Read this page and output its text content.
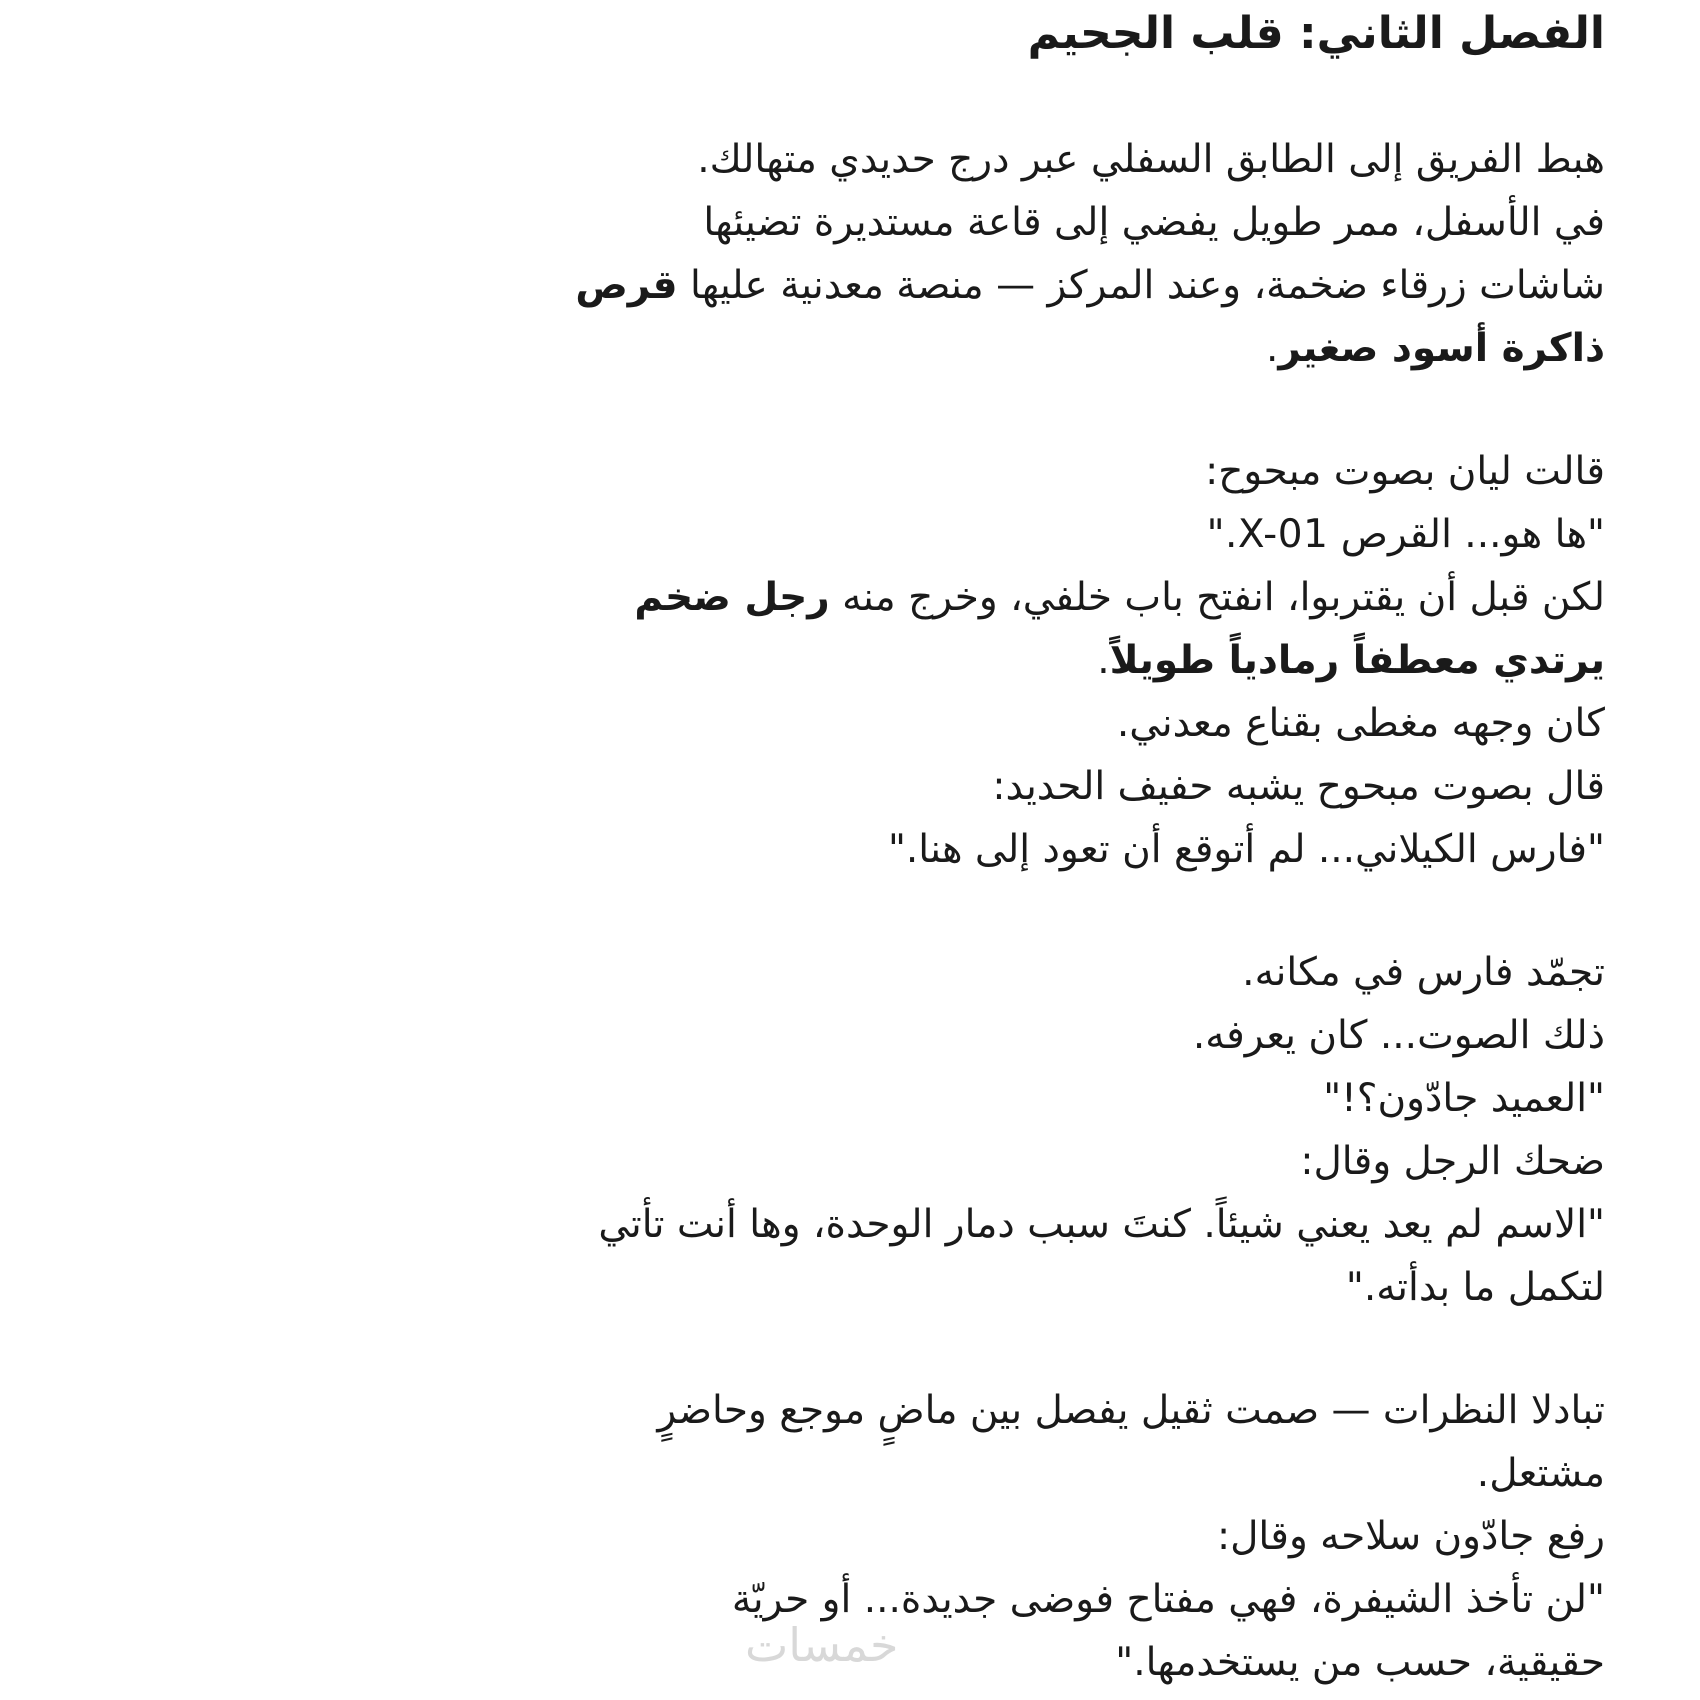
الفصل الثاني: قلب الجحيم

هبط الفريق إلى الطابق السفلي عبر درج حديدي متهالك.

في الأسفل، ممر طويل يفضي إلى قاعة مستديرة تضيئها

شاشات زرقاء ضخمة، وعند المركز — منصة معدنية عليها قرص

ذاكرة أسود صغير.

قالت ليان بصوت مبحوح:

"ها هو... القرص X-01."

لكن قبل أن يقتربوا، انفتح باب خلفي، وخرج منه رجل ضخم

يرتدي معطفاً رمادياً طويلاً.

كان وجهه مغطى بقناع معدني.

قال بصوت مبحوح يشبه حفيف الحديد:

"فارس الكيلاني... لم أتوقع أن تعود إلى هنا."

تجمّد فارس في مكانه.

ذلك الصوت... كان يعرفه.

"العميد جادّون؟!"

ضحك الرجل وقال:

"الاسم لم يعد يعني شيئاً. كنتَ سبب دمار الوحدة، وها أنت تأتي

لتكمل ما بدأته."

تبادلا النظرات — صمت ثقيل يفصل بين ماضٍ موجع وحاضرٍ

مشتعل.

رفع جادّون سلاحه وقال:

"لن تأخذ الشيفرة، فهي مفتاح فوضى جديدة... أو حريّة

حقيقية، حسب من يستخدمها."

خمسات
